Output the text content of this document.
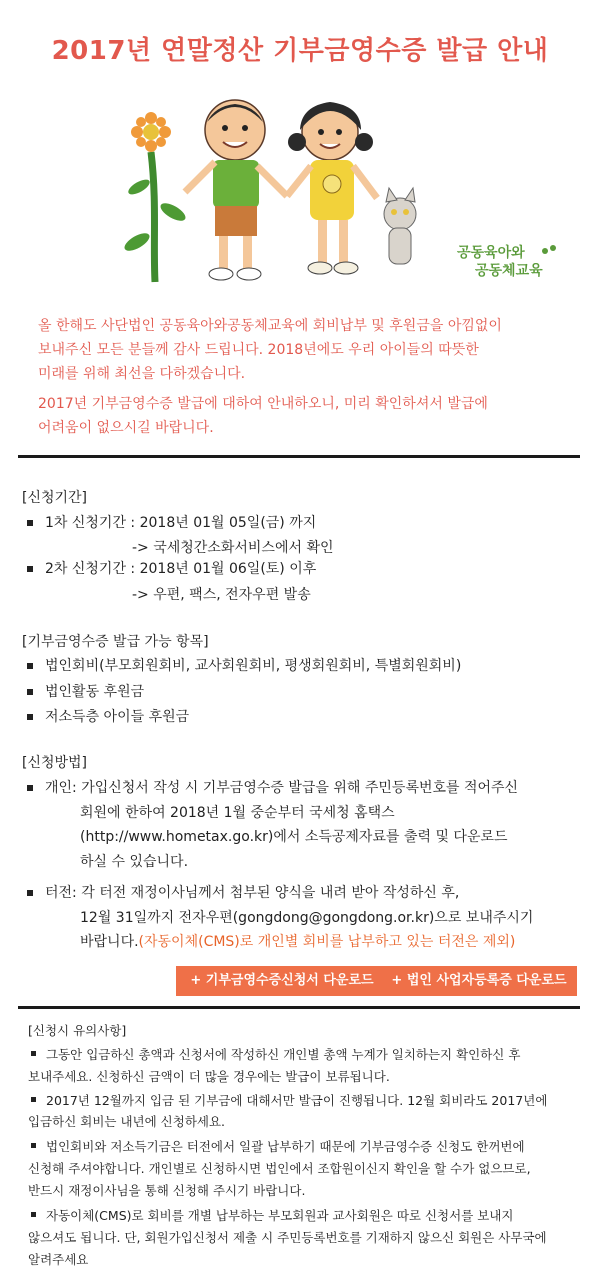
2017년 연말정산 기부금영수증 발급 안내
공동육아와
공동체교육
올 한해도 사단법인 공동육아와공동체교육에 회비납부 및 후원금을 아낌없이
보내주신 모든 분들께 감사 드립니다. 2018년에도 우리 아이들의 따뜻한
미래를 위해 최선을 다하겠습니다.
2017년 기부금영수증 발급에 대하여 안내하오니, 미리 확인하셔서 발급에
어려움이 없으시길 바랍니다.
[신청기간]
1차 신청기간 : 2018년 01월 05일(금) 까지
-> 국세청간소화서비스에서 확인
2차 신청기간 : 2018년 01월 06일(토) 이후
-> 우편, 팩스, 전자우편 발송
[기부금영수증 발급 가능 항목]
법인회비(부모회원회비, 교사회원회비, 평생회원회비, 특별회원회비)
법인활동 후원금
저소득층 아이들 후원금
[신청방법]
개인: 가입신청서 작성 시 기부금영수증 발급을 위해 주민등록번호를 적어주신
회원에 한하여 2018년 1월 중순부터 국세청 홈택스
(http://www.hometax.go.kr)에서 소득공제자료를 출력 및 다운로드
하실 수 있습니다.
터전: 각 터전 재정이사님께서 첨부된 양식을 내려 받아 작성하신 후,
12월 31일까지 전자우편(gongdong@gongdong.or.kr)으로 보내주시기
바랍니다.(자동이체(CMS)로 개인별 회비를 납부하고 있는 터전은 제외)
+ 기부금영수증신청서 다운로드	+ 법인 사업자등록증 다운로드
[신청시 유의사항]
그동안 입금하신 총액과 신청서에 작성하신 개인별 총액 누계가 일치하는지 확인하신 후
보내주세요. 신청하신 금액이 더 많을 경우에는 발급이 보류됩니다.
2017년 12월까지 입금 된 기부금에 대해서만 발급이 진행됩니다. 12월 회비라도 2017년에
입금하신 회비는 내년에 신청하세요.
법인회비와 저소득기금은 터전에서 일괄 납부하기 때문에 기부금영수증 신청도 한꺼번에
신청해 주셔야합니다. 개인별로 신청하시면 법인에서 조합원이신지 확인을 할 수가 없으므로,
반드시 재정이사님을 통해 신청해 주시기 바랍니다.
자동이체(CMS)로 회비를 개별 납부하는 부모회원과 교사회원은 따로 신청서를 보내지
않으셔도 됩니다. 단, 회원가입신청서 제출 시 주민등록번호를 기재하지 않으신 회원은 사무국에
알려주세요
